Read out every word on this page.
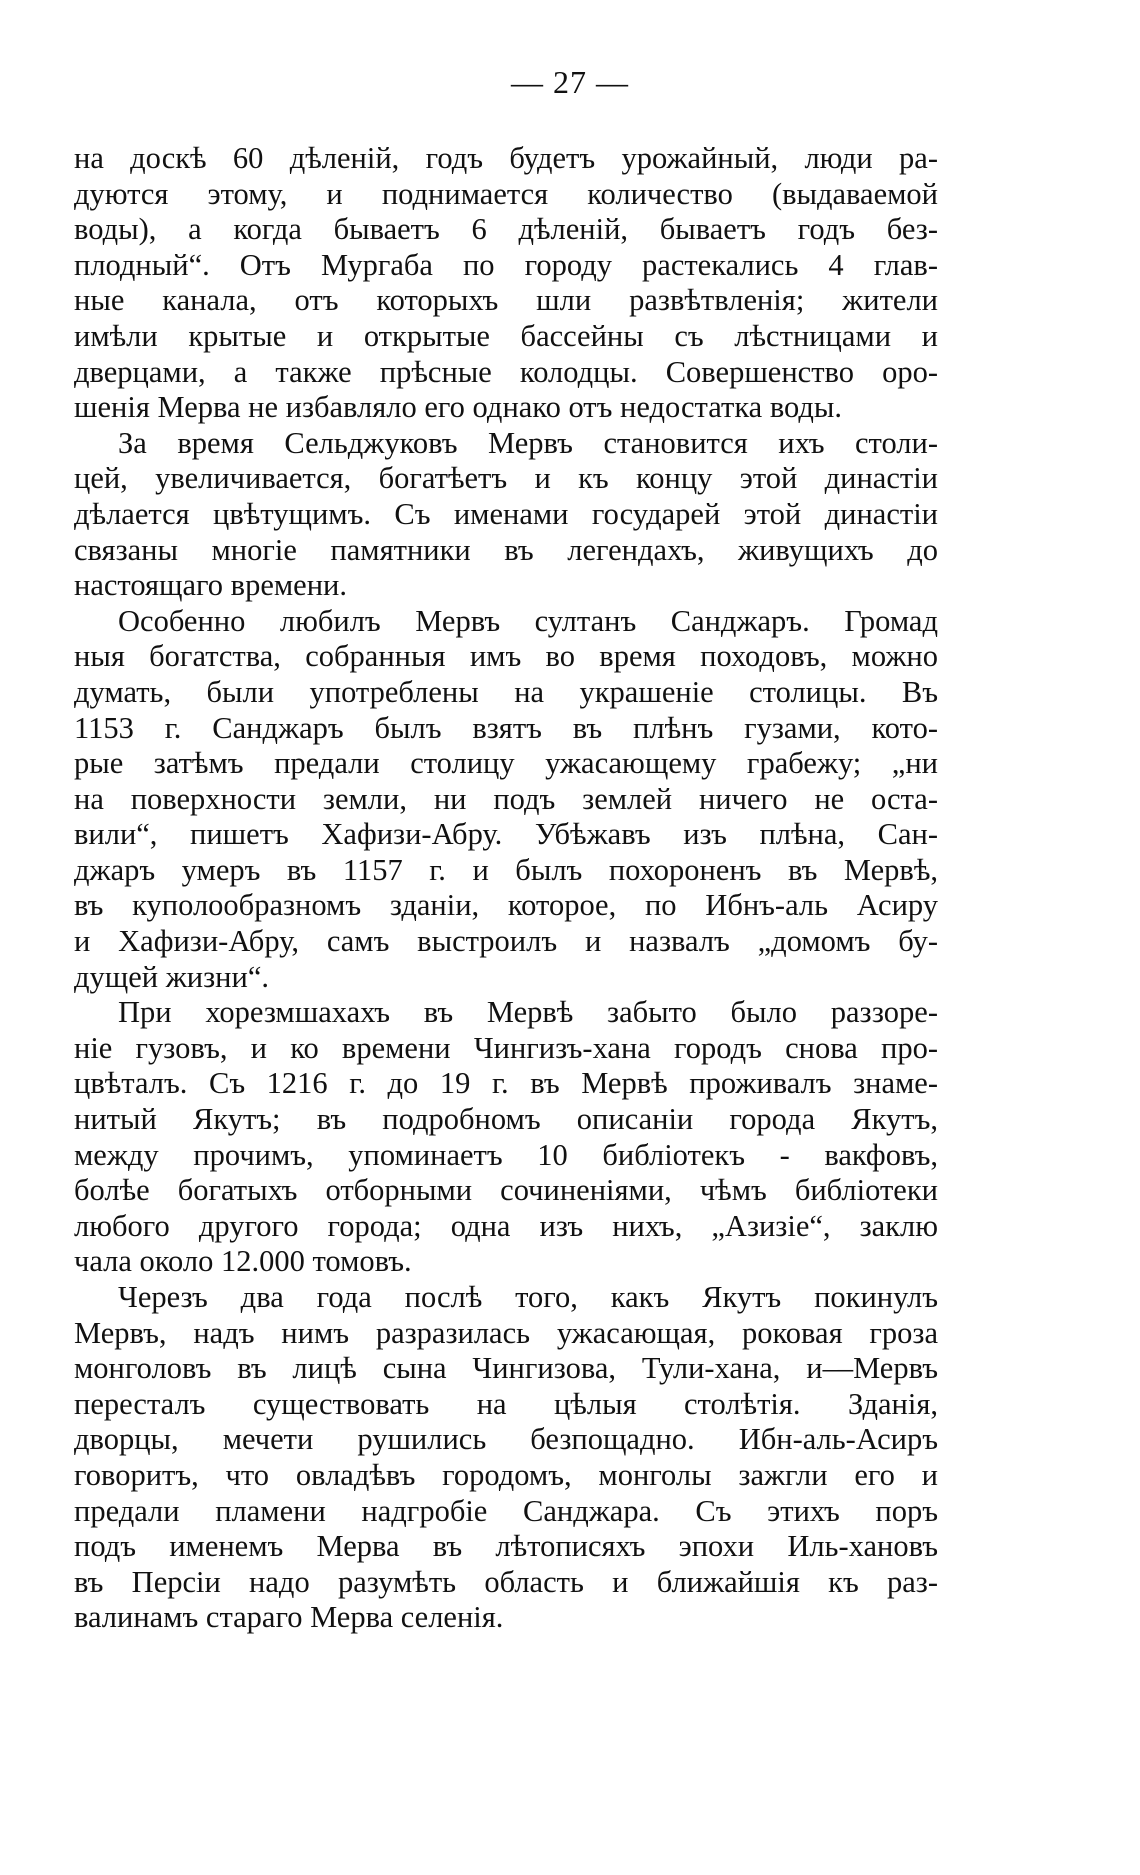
— 27 —
на доскѣ 60 дѣленій, годъ будетъ урожайный, люди ра-
дуются этому, и поднимается количество (выдаваемой
воды), а когда бываетъ 6 дѣленій, бываетъ годъ без-
плодный“. Отъ Мургаба по городу растекались 4 глав-
ные канала, отъ которыхъ шли развѣтвленія; жители
имѣли крытые и открытые бассейны съ лѣстницами и
дверцами, а также прѣсные колодцы. Совершенство оро-
шенія Мерва не избавляло его однако отъ недостатка воды.
За время Сельджуковъ Мервъ становится ихъ столи-
цей, увеличивается, богатѣетъ и къ концу этой династіи
дѣлается цвѣтущимъ. Съ именами государей этой династіи
связаны многіе памятники въ легендахъ, живущихъ до
настоящаго времени.
Особенно любилъ Мервъ султанъ Санджаръ. Громад
ныя богатства, собранныя имъ во время походовъ, можно
думать, были употреблены на украшеніе столицы. Въ
1153 г. Санджаръ былъ взятъ въ плѣнъ гузами, кото-
рые затѣмъ предали столицу ужасающему грабежу; „ни
на поверхности земли, ни подъ землей ничего не оста-
вили“, пишетъ Хафизи-Абру. Убѣжавъ изъ плѣна, Сан-
джаръ умеръ въ 1157 г. и былъ похороненъ въ Мервѣ,
въ куполообразномъ зданіи, которое, по Ибнъ-аль Асиру
и Хафизи-Абру, самъ выстроилъ и назвалъ „домомъ бу-
дущей жизни“.
При хорезмшахахъ въ Мервѣ забыто было раззоре-
ніе гузовъ, и ко времени Чингизъ-хана городъ снова про-
цвѣталъ. Съ 1216 г. до 19 г. въ Мервѣ проживалъ знаме-
нитый Якутъ; въ подробномъ описаніи города Якутъ,
между прочимъ, упоминаетъ 10 библіотекъ - вакфовъ,
болѣе богатыхъ отборными сочиненіями, чѣмъ библіотеки
любого другого города; одна изъ нихъ, „Азизіе“, заклю
чала около 12.000 томовъ.
Черезъ два года послѣ того, какъ Якутъ покинулъ
Мервъ, надъ нимъ разразилась ужасающая, роковая гроза
монголовъ въ лицѣ сына Чингизова, Тули-хана, и––Мервъ
пересталъ существовать на цѣлыя столѣтія. Зданія,
дворцы, мечети рушились безпощадно. Ибн-аль-Асиръ
говоритъ, что овладѣвъ городомъ, монголы зажгли его и
предали пламени надгробіе Санджара. Съ этихъ поръ
подъ именемъ Мерва въ лѣтописяхъ эпохи Иль-хановъ
въ Персіи надо разумѣть область и ближайшія къ раз-
валинамъ стараго Мерва селенія.
